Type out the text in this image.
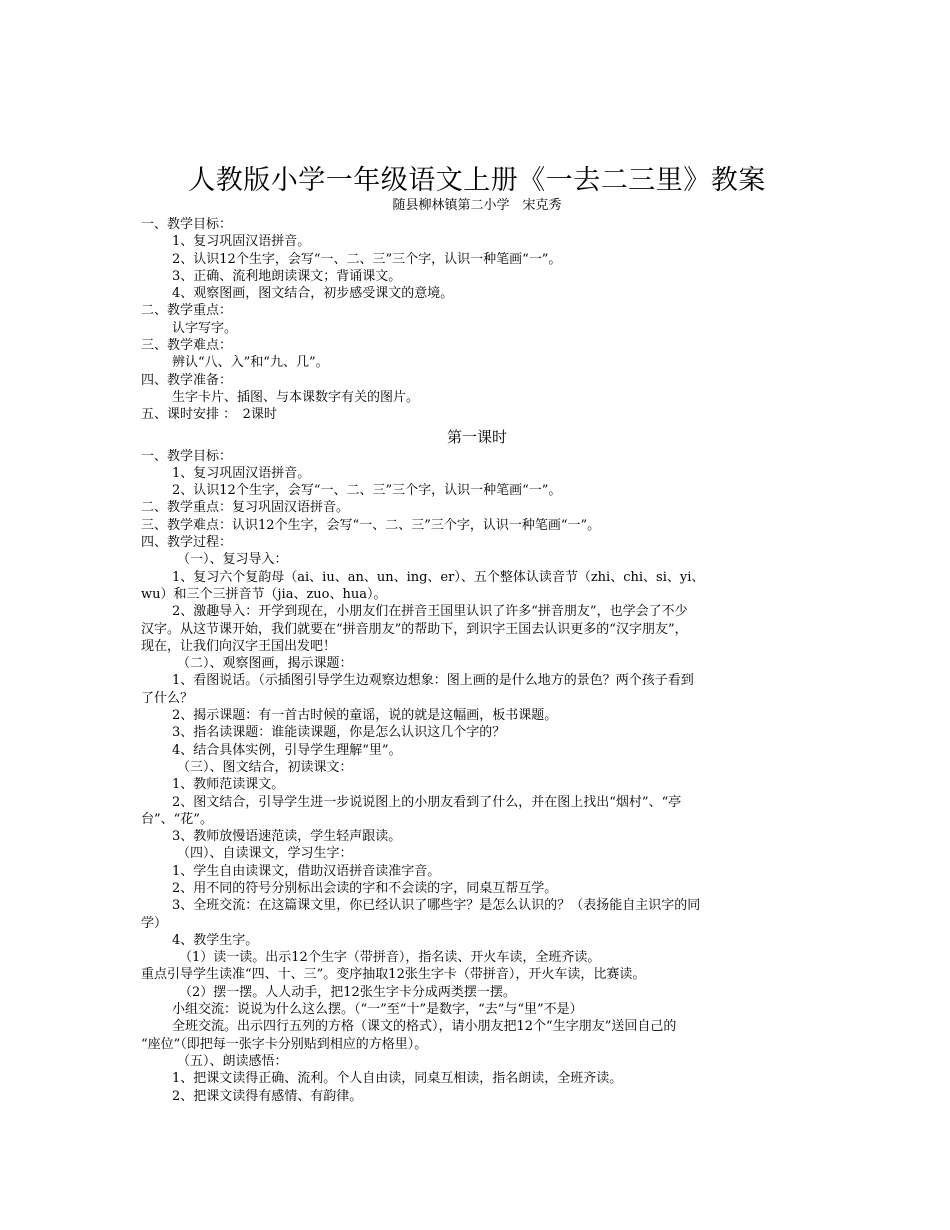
人教版小学一年级语文上册《一去二三里》教案
随县柳林镇第二小学　宋克秀
一、教学目标：
1、复习巩固汉语拼音。
2、认识12个生字，会写“一、二、三”三个字，认识一种笔画“一”。
3、正确、流利地朗读课文；背诵课文。
4、观察图画，图文结合，初步感受课文的意境。
二、教学重点：
认字写字。
三、教学难点：
辨认“八、入”和“九、几”。
四、教学准备：
生字卡片、插图、与本课数字有关的图片。
五、课时安排 ：　2课时
第一课时
一、教学目标：
1、复习巩固汉语拼音。
2、认识12个生字，会写“一、二、三”三个字，认识一种笔画“一”。
二、教学重点：复习巩固汉语拼音。
三、教学难点：认识12个生字，会写“一、二、三”三个字，认识一种笔画“一”。
四、教学过程：
（一）、复习导入：
1、复习六个复韵母（ai、iu、an、un、ing、er）、五个整体认读音节（zhi、chi、si、yi、
wu）和三个三拼音节（jia、zuo、hua）。
2、激趣导入：开学到现在，小朋友们在拼音王国里认识了许多“拼音朋友”，也学会了不少
汉字。从这节课开始，我们就要在“拼音朋友”的帮助下，到识字王国去认识更多的“汉字朋友”，
现在，让我们向汉字王国出发吧！
（二）、观察图画，揭示课题：
1、看图说话。（示插图引导学生边观察边想象：图上画的是什么地方的景色？两个孩子看到
了什么？
2、揭示课题：有一首古时候的童谣，说的就是这幅画，板书课题。
3、指名读课题：谁能读课题，你是怎么认识这几个字的？
4、结合具体实例，引导学生理解“里”。
（三）、图文结合，初读课文：
1、教师范读课文。
2、图文结合，引导学生进一步说说图上的小朋友看到了什么，并在图上找出“烟村”、“亭
台”、“花”。
3、教师放慢语速范读，学生轻声跟读。
（四）、自读课文，学习生字：
1、学生自由读课文，借助汉语拼音读准字音。
2、用不同的符号分别标出会读的字和不会读的字，同桌互帮互学。
3、全班交流：在这篇课文里，你已经认识了哪些字？是怎么认识的？（表扬能自主识字的同
学）
4、教学生字。
（1）读一读。出示12个生字（带拼音），指名读、开火车读，全班齐读。
重点引导学生读准“四、十、三”。变序抽取12张生字卡（带拼音），开火车读，比赛读。
（2）摆一摆。人人动手，把12张生字卡分成两类摆一摆。
小组交流：说说为什么这么摆。（“一”至“十”是数字，“去”与“里”不是）
全班交流。出示四行五列的方格（课文的格式），请小朋友把12个“生字朋友”送回自己的
“座位”（即把每一张字卡分别贴到相应的方格里）。
（五）、朗读感悟：
1、把课文读得正确、流利。个人自由读，同桌互相读，指名朗读，全班齐读。
2、把课文读得有感情、有韵律。
